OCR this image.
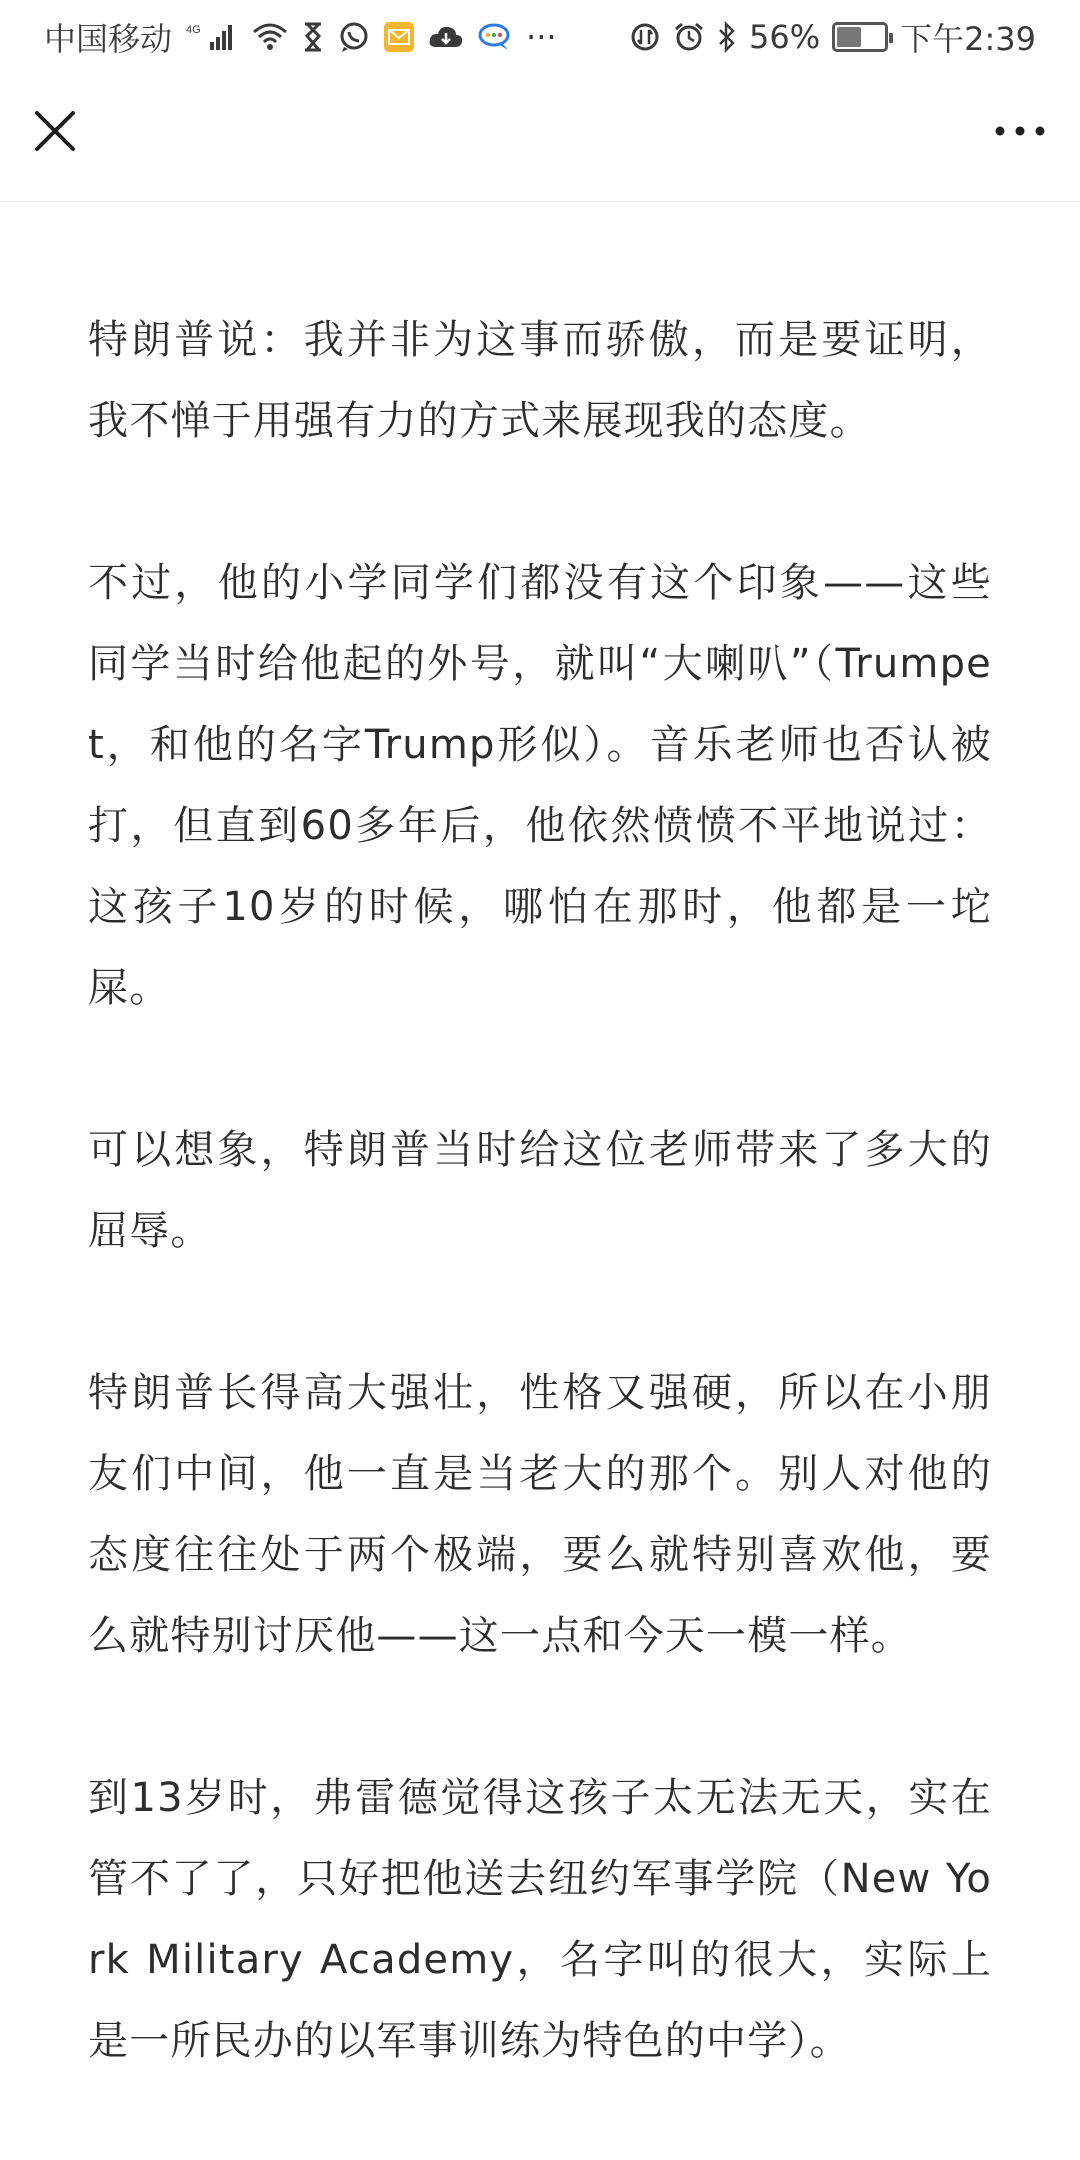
中国移动 4G	···	56%	下午2:39

特朗普说：我并非为这事而骄傲，而是要证明，我不惮于用强有力的方式来展现我的态度。

不过，他的小学同学们都没有这个印象——这些同学当时给他起的外号，就叫“大喇叭”（Trumpet，和他的名字Trump形似）。音乐老师也否认被打，但直到60多年后，他依然愤愤不平地说过：这孩子10岁的时候，哪怕在那时，他都是一坨屎。

可以想象，特朗普当时给这位老师带来了多大的屈辱。

特朗普长得高大强壮，性格又强硬，所以在小朋友们中间，他一直是当老大的那个。别人对他的态度往往处于两个极端，要么就特别喜欢他，要么就特别讨厌他——这一点和今天一模一样。

到13岁时，弗雷德觉得这孩子太无法无天，实在管不了了，只好把他送去纽约军事学院（New York Military Academy，名字叫的很大，实际上是一所民办的以军事训练为特色的中学）。
